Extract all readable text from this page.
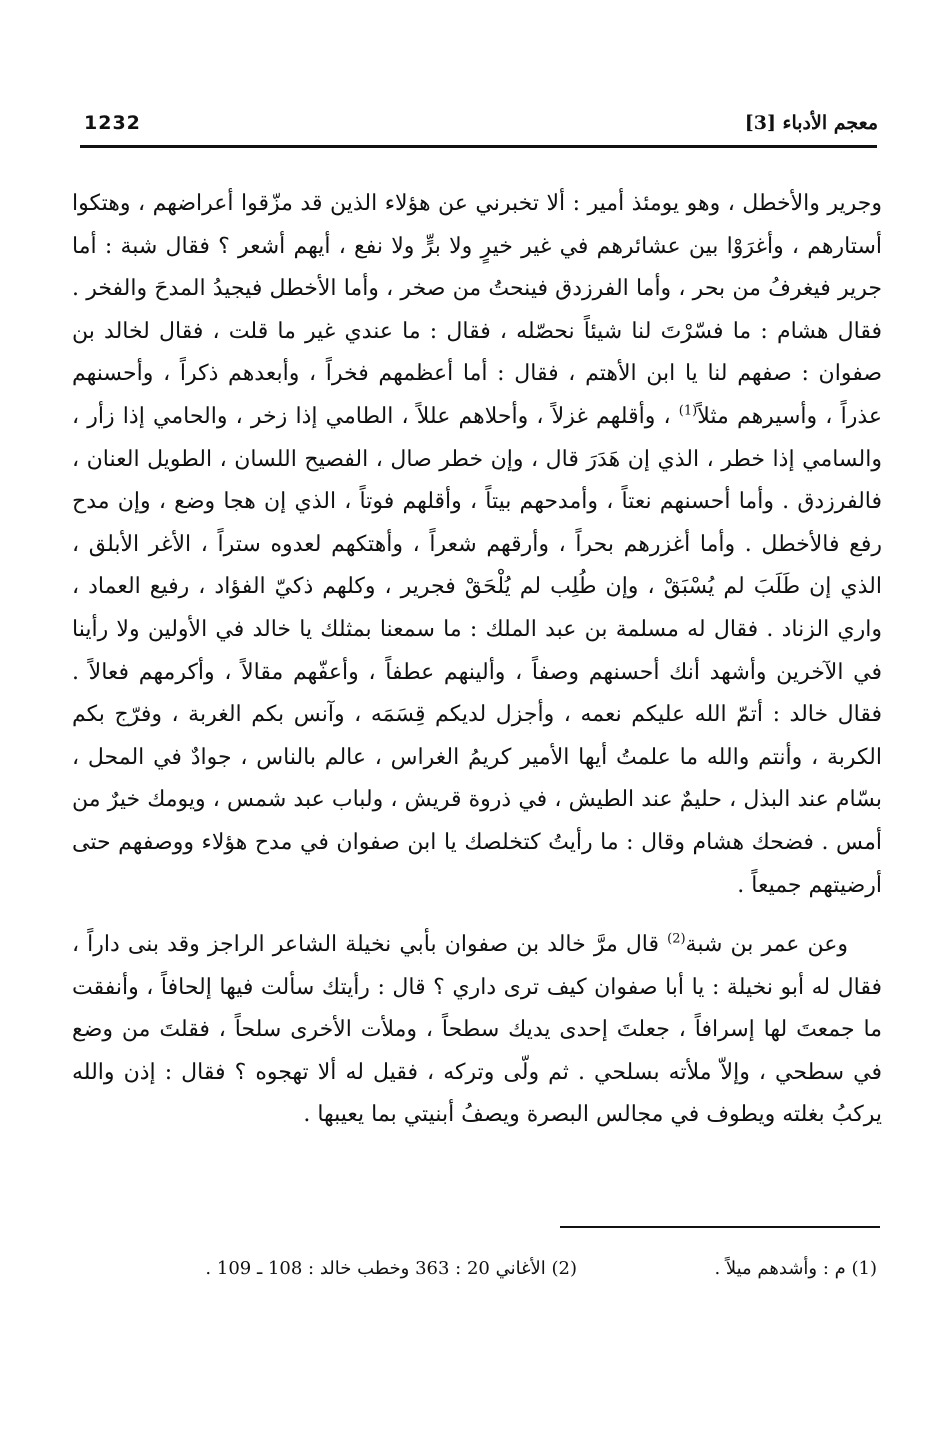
معجم الأدباء [3]
1232

وجرير والأخطل ، وهو يومئذ أمير : ألا تخبرني عن هؤلاء الذين قد مزّقوا أعراضهم ، وهتكوا أستارهم ، وأغرَوْا بين عشائرهم في غير خيرٍ ولا برٍّ ولا نفع ، أيهم أشعر ؟ فقال شبة : أما جرير فيغرفُ من بحر ، وأما الفرزدق فينحتُ من صخر ، وأما الأخطل فيجيدُ المدحَ والفخر . فقال هشام : ما فسّرْتَ لنا شيئاً نحصّله ، فقال : ما عندي غير ما قلت ، فقال لخالد بن صفوان : صفهم لنا يا ابن الأهتم ، فقال : أما أعظمهم فخراً ، وأبعدهم ذكراً ، وأحسنهم عذراً ، وأسيرهم مثلاً$^{(1)}$ ، وأقلهم غزلاً ، وأحلاهم عللاً ، الطامي إذا زخر ، والحامي إذا زأر ، والسامي إذا خطر ، الذي إن هَدَرَ قال ، وإن خطر صال ، الفصيح اللسان ، الطويل العنان ، فالفرزدق . وأما أحسنهم نعتاً ، وأمدحهم بيتاً ، وأقلهم فوتاً ، الذي إن هجا وضع ، وإن مدح رفع فالأخطل . وأما أغزرهم بحراً ، وأرقهم شعراً ، وأهتكهم لعدوه ستراً ، الأغر الأبلق ، الذي إن طَلَبَ لم يُسْبَقْ ، وإن طُلِب لم يُلْحَقْ فجرير ، وكلهم ذكيّ الفؤاد ، رفيع العماد ، واري الزناد . فقال له مسلمة بن عبد الملك : ما سمعنا بمثلك يا خالد في الأولين ولا رأينا في الآخرين وأشهد أنك أحسنهم وصفاً ، وألينهم عطفاً ، وأعفّهم مقالاً ، وأكرمهم فعالاً . فقال خالد : أتمّ الله عليكم نعمه ، وأجزل لديكم قِسَمَه ، وآنس بكم الغربة ، وفرّج بكم الكربة ، وأنتم والله ما علمتُ أيها الأمير كريمُ الغراس ، عالم بالناس ، جوادٌ في المحل ، بسّام عند البذل ، حليمٌ عند الطيش ، في ذروة قريش ، ولباب عبد شمس ، ويومك خيرٌ من أمس . فضحك هشام وقال : ما رأيتُ كتخلصك يا ابن صفوان في مدح هؤلاء ووصفهم حتى أرضيتهم جميعاً .

وعن عمر بن شبة$^{(2)}$ قال مرَّ خالد بن صفوان بأبي نخيلة الشاعر الراجز وقد بنى داراً ، فقال له أبو نخيلة : يا أبا صفوان كيف ترى داري ؟ قال : رأيتك سألت فيها إلحافاً ، وأنفقت ما جمعتَ لها إسرافاً ، جعلتَ إحدى يديك سطحاً ، وملأت الأخرى سلحاً ، فقلتَ من وضع في سطحي ، وإلاّ ملأته بسلحي . ثم ولّى وتركه ، فقيل له ألا تهجوه ؟ فقال : إذن والله يركبُ بغلته ويطوف في مجالس البصرة ويصفُ أبنيتي بما يعيبها .

(1) م : وأشدهم ميلاً .
(2) الأغاني 20 : 363 وخطب خالد : 108 ـ 109 .
